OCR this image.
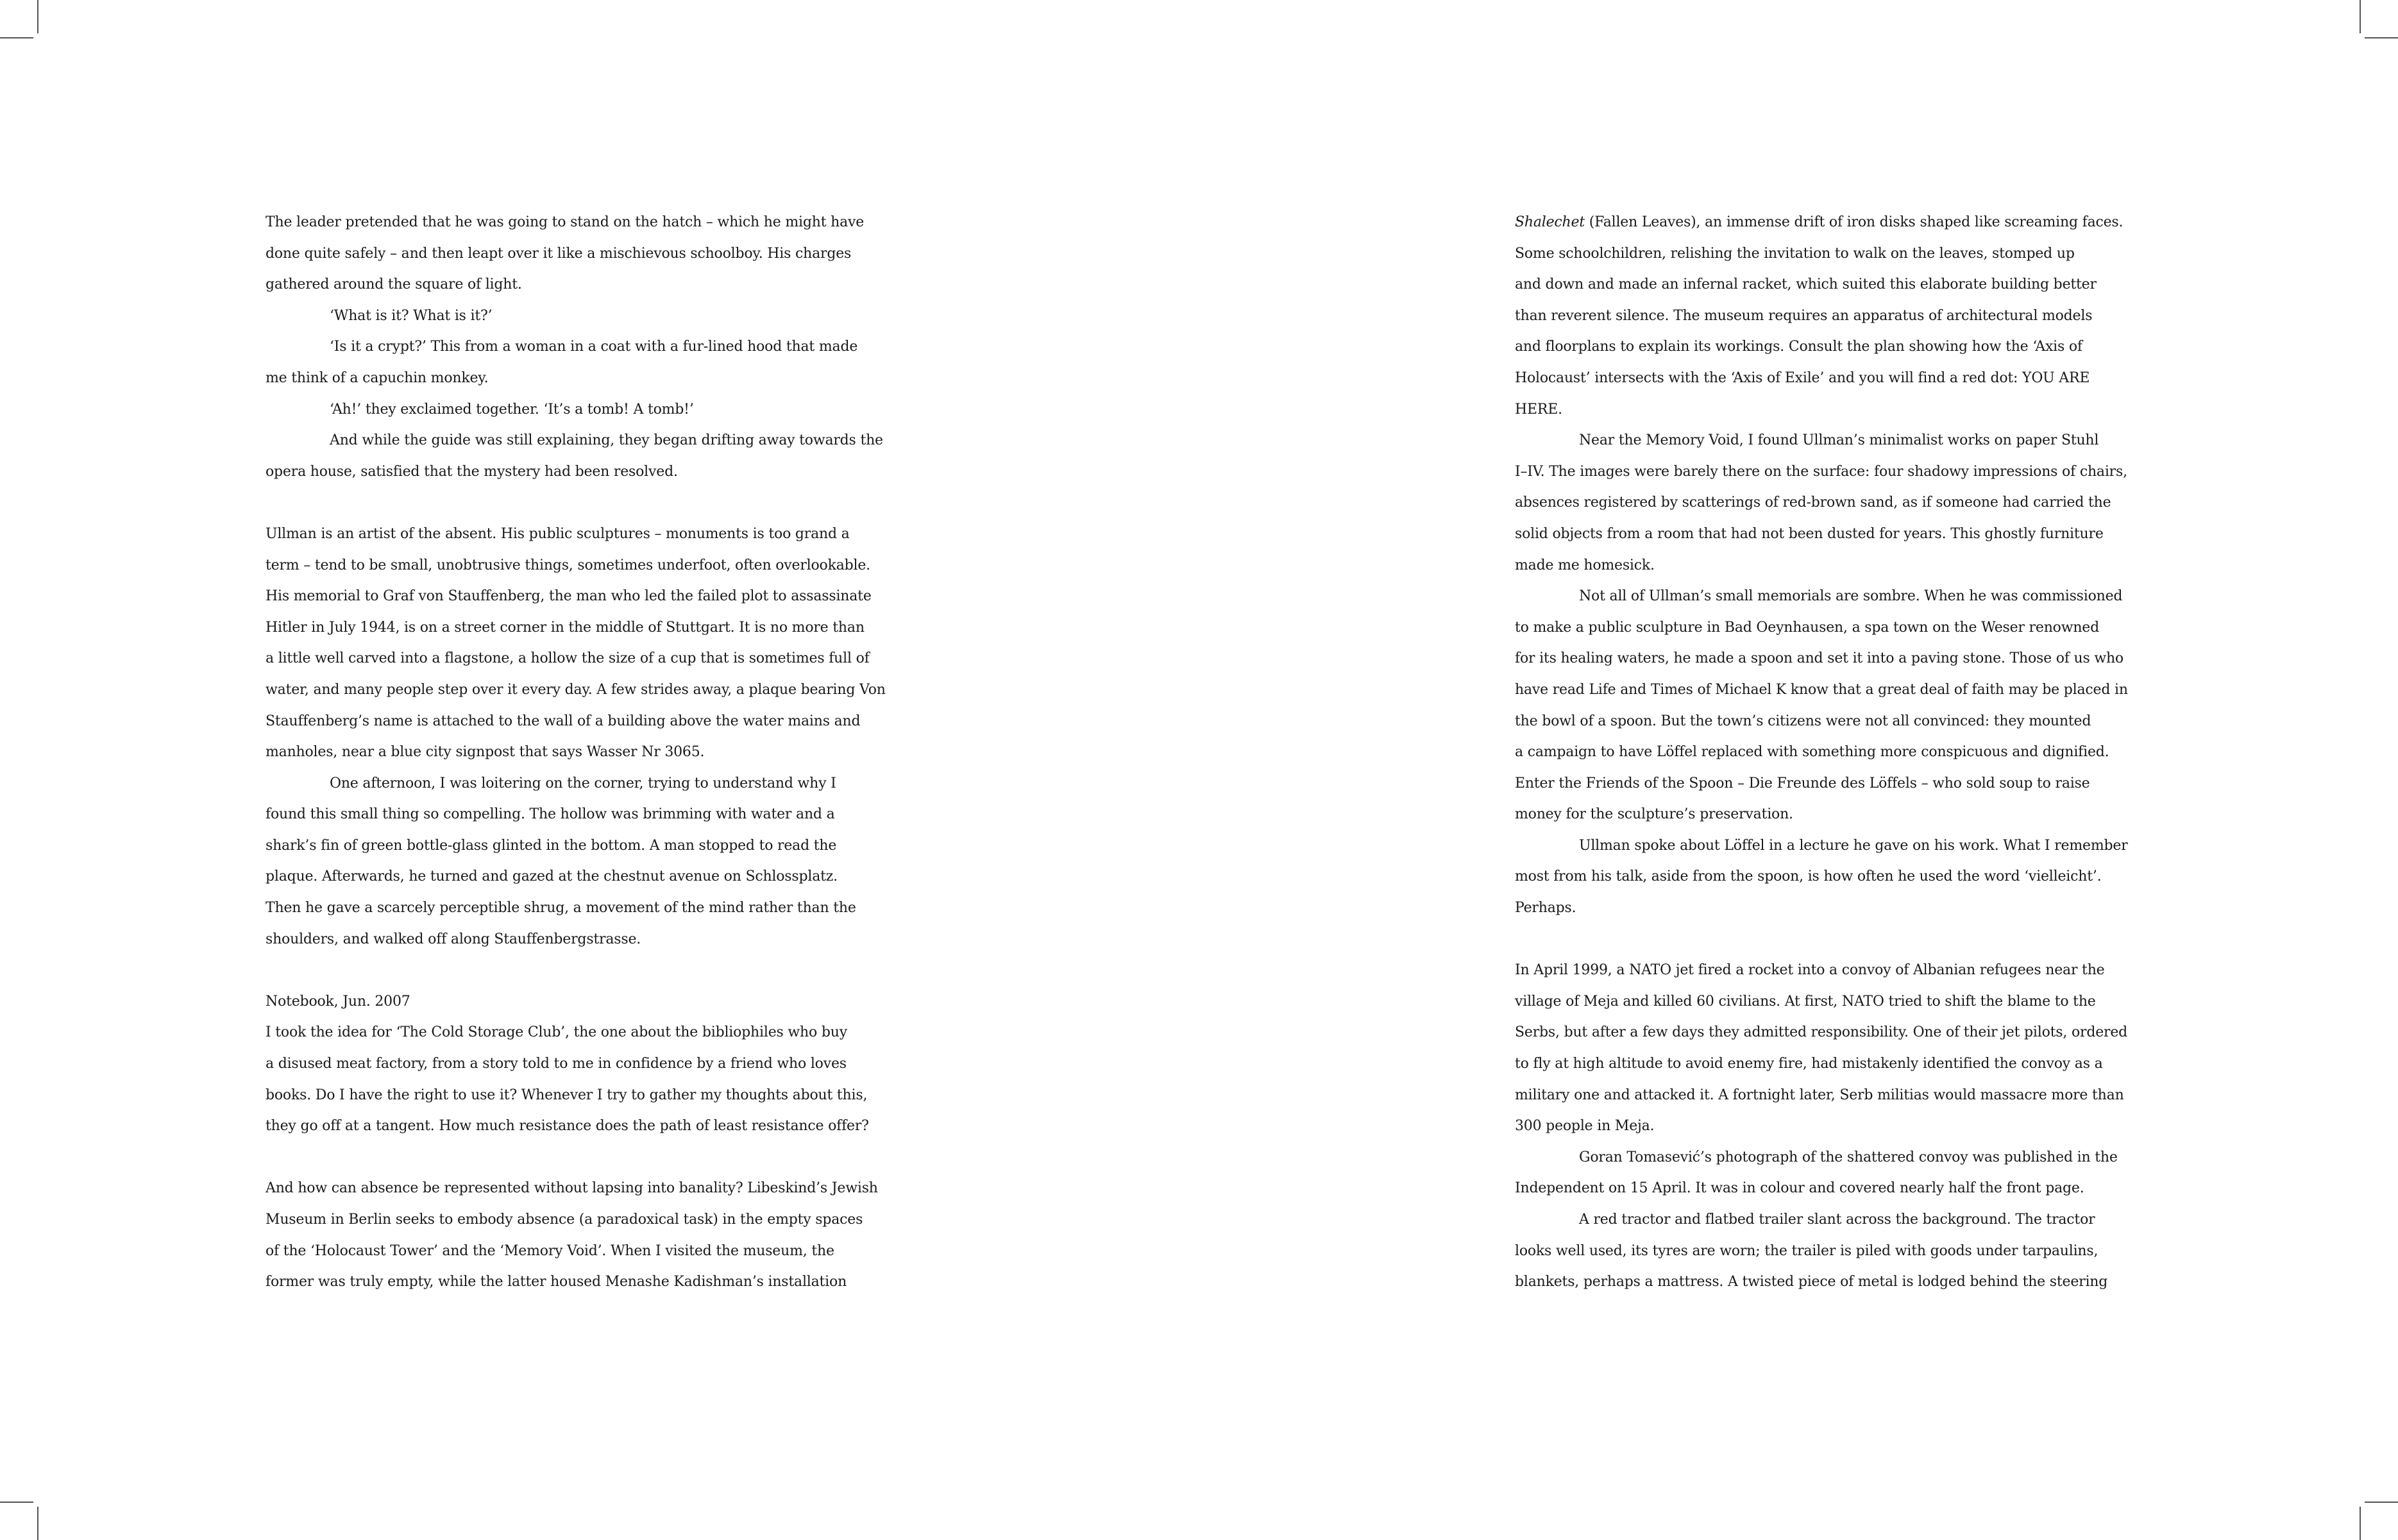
The leader pretended that he was going to stand on the hatch – which he might have

done quite safely – and then leapt over it like a mischievous schoolboy. His charges

gathered around the square of light.

‘What is it? What is it?’

‘Is it a crypt?’ This from a woman in a coat with a fur-lined hood that made

me think of a capuchin monkey.

‘Ah!’ they exclaimed together. ‘It’s a tomb! A tomb!’

And while the guide was still explaining, they began drifting away towards the

opera house, satisfied that the mystery had been resolved.

Ullman is an artist of the absent. His public sculptures – monuments is too grand a

term – tend to be small, unobtrusive things, sometimes underfoot, often overlookable.

His memorial to Graf von Stauffenberg, the man who led the failed plot to assassinate

Hitler in July 1944, is on a street corner in the middle of Stuttgart. It is no more than

a little well carved into a flagstone, a hollow the size of a cup that is sometimes full of

water, and many people step over it every day. A few strides away, a plaque bearing Von

Stauffenberg’s name is attached to the wall of a building above the water mains and

manholes, near a blue city signpost that says Wasser Nr 3065.

One afternoon, I was loitering on the corner, trying to understand why I

found this small thing so compelling. The hollow was brimming with water and a

shark’s fin of green bottle-glass glinted in the bottom. A man stopped to read the

plaque. Afterwards, he turned and gazed at the chestnut avenue on Schlossplatz.

Then he gave a scarcely perceptible shrug, a movement of the mind rather than the

shoulders, and walked off along Stauffenbergstrasse.

Notebook, Jun. 2007

I took the idea for ‘The Cold Storage Club’, the one about the bibliophiles who buy

a disused meat factory, from a story told to me in confidence by a friend who loves

books. Do I have the right to use it? Whenever I try to gather my thoughts about this,

they go off at a tangent. How much resistance does the path of least resistance offer?

And how can absence be represented without lapsing into banality? Libeskind’s Jewish

Museum in Berlin seeks to embody absence (a paradoxical task) in the empty spaces

of the ‘Holocaust Tower’ and the ‘Memory Void’. When I visited the museum, the

former was truly empty, while the latter housed Menashe Kadishman’s installation

Shalechet (Fallen Leaves), an immense drift of iron disks shaped like screaming faces.

Some schoolchildren, relishing the invitation to walk on the leaves, stomped up

and down and made an infernal racket, which suited this elaborate building better

than reverent silence. The museum requires an apparatus of architectural models

and floorplans to explain its workings. Consult the plan showing how the ‘Axis of

Holocaust’ intersects with the ‘Axis of Exile’ and you will find a red dot: YOU ARE

HERE.

Near the Memory Void, I found Ullman’s minimalist works on paper Stuhl

I–IV. The images were barely there on the surface: four shadowy impressions of chairs,

absences registered by scatterings of red-brown sand, as if someone had carried the

solid objects from a room that had not been dusted for years. This ghostly furniture

made me homesick.

Not all of Ullman’s small memorials are sombre. When he was commissioned

to make a public sculpture in Bad Oeynhausen, a spa town on the Weser renowned

for its healing waters, he made a spoon and set it into a paving stone. Those of us who

have read Life and Times of Michael K know that a great deal of faith may be placed in

the bowl of a spoon. But the town’s citizens were not all convinced: they mounted

a campaign to have Löffel replaced with something more conspicuous and dignified.

Enter the Friends of the Spoon – Die Freunde des Löffels – who sold soup to raise

money for the sculpture’s preservation.

Ullman spoke about Löffel in a lecture he gave on his work. What I remember

most from his talk, aside from the spoon, is how often he used the word ‘vielleicht’.

Perhaps.

In April 1999, a NATO jet fired a rocket into a convoy of Albanian refugees near the

village of Meja and killed 60 civilians. At first, NATO tried to shift the blame to the

Serbs, but after a few days they admitted responsibility. One of their jet pilots, ordered

to fly at high altitude to avoid enemy fire, had mistakenly identified the convoy as a

military one and attacked it. A fortnight later, Serb militias would massacre more than

300 people in Meja.

Goran Tomasević’s photograph of the shattered convoy was published in the

Independent on 15 April. It was in colour and covered nearly half the front page.

A red tractor and flatbed trailer slant across the background. The tractor

looks well used, its tyres are worn; the trailer is piled with goods under tarpaulins,

blankets, perhaps a mattress. A twisted piece of metal is lodged behind the steering
